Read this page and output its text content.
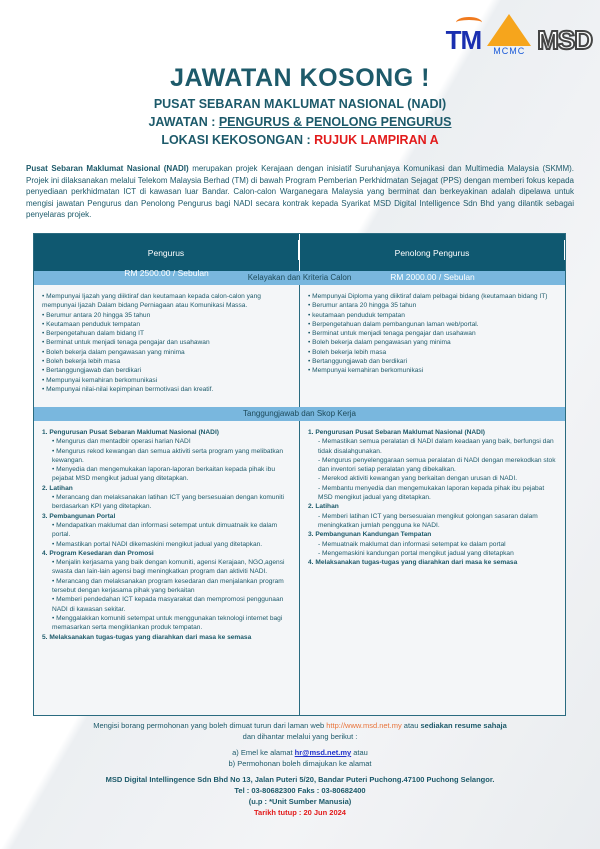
TM MCMC MSD
JAWATAN KOSONG !

PUSAT SEBARAN MAKLUMAT NASIONAL (NADI)

JAWATAN : PENGURUS & PENOLONG PENGURUS

LOKASI KEKOSONGAN : RUJUK LAMPIRAN A

Pusat Sebaran Maklumat Nasional (NADI) merupakan projek Kerajaan dengan inisiatif Suruhanjaya Komunikasi dan Multimedia Malaysia (SKMM). Projek ini dilaksanakan melalui Telekom Malaysia Berhad (TM) di bawah Program Pemberian Perkhidmatan Sejagat (PPS) dengan memberi fokus kepada penyediaan perkhidmatan ICT di kawasan luar Bandar. Calon-calon Warganegara Malaysia yang berminat dan berkeyakinan adalah dipelawa untuk mengisi jawatan Pengurus dan Penolong Pengurus bagi NADI secara kontrak kepada Syarikat MSD Digital Intelligence Sdn Bhd yang dilantik sebagai penyelaras projek.
Pengurus
RM 2500.00 / Sebulan
Penolong Pengurus
RM 2000.00 / Sebulan
Kelayakan dan Kriteria Calon
• Mempunyai Ijazah yang diiktiraf dan keutamaan kepada calon-calon yang mempunyai Ijazah Dalam bidang Perniagaan atau Komunikasi Massa.
• Berumur antara 20 hingga 35 tahun
• Keutamaan penduduk tempatan
• Berpengetahuan dalam bidang IT
• Berminat untuk menjadi tenaga pengajar dan usahawan
• Boleh bekerja dalam pengawasan yang minima
• Boleh bekerja lebih masa
• Bertanggungjawab dan berdikari
• Mempunyai kemahiran berkomunikasi
• Mempunyai nilai-nilai kepimpinan bermotivasi dan kreatif.
• Mempunyai Diploma yang diiktiraf dalam pelbagai bidang (keutamaan bidang IT)
• Berumur antara 20 hingga 35 tahun
• keutamaan penduduk tempatan
• Berpengetahuan dalam pembangunan laman web/portal.
• Berminat untuk menjadi tenaga pengajar dan usahawan
• Boleh bekerja dalam pengawasan yang minima
• Boleh bekerja lebih masa
• Bertanggungjawab dan berdikari
• Mempunyai kemahiran berkomunikasi
Tanggungjawab dan Skop Kerja
1. Pengurusan Pusat Sebaran Maklumat Nasional (NADI)
• Mengurus dan mentadbir operasi harian NADI
• Mengurus rekod kewangan dan semua aktiviti serta program yang melibatkan kewangan.
• Menyedia dan mengemukakan laporan-laporan berkaitan kepada pihak ibu pejabat MSD mengikut jadual yang ditetapkan.
2. Latihan
• Merancang dan melaksanakan latihan ICT yang bersesuaian dengan komuniti berdasarkan KPI yang ditetapkan.
3. Pembangunan Portal
• Mendapatkan maklumat dan informasi setempat untuk dimuatnaik ke dalam portal.
• Memastikan portal NADI dikemaskini mengikut jadual yang ditetapkan.
4. Program Kesedaran dan Promosi
• Menjalin kerjasama yang baik dengan komuniti, agensi Kerajaan, NGO,agensi swasta dan lain-lain agensi bagi meningkatkan program dan aktiviti NADI.
• Merancang dan melaksanakan program kesedaran dan menjalankan program tersebut dengan kerjasama pihak yang berkaitan
• Memberi pendedahan ICT kepada masyarakat dan mempromosi penggunaan NADI di kawasan sekitar.
• Menggalakkan komuniti setempat untuk menggunakan teknologi internet bagi memasarkan serta mengiklankan produk tempatan.
5. Melaksanakan tugas-tugas yang diarahkan dari masa ke semasa
1. Pengurusan Pusat Sebaran Maklumat Nasional (NADI)
- Memastikan semua peralatan di NADI dalam keadaan yang baik, berfungsi dan tidak disalahgunakan.
- Mengurus penyelenggaraan semua peralatan di NADI dengan merekodkan stok dan inventori setiap peralatan yang dibekalkan.
- Merekod aktiviti kewangan yang berkaitan dengan urusan di NADI.
- Membantu menyedia dan mengemukakan laporan kepada pihak ibu pejabat MSD mengikut jadual yang ditetapkan.
2. Latihan
- Memberi latihan ICT yang bersesuaian mengikut golongan sasaran dalam meningkatkan jumlah pengguna ke NADI.
3. Pembangunan Kandungan Tempatan
- Memuatnaik maklumat dan informasi setempat ke dalam portal
- Mengemaskini kandungan portal mengikut jadual yang ditetapkan
4. Melaksanakan tugas-tugas yang diarahkan dari masa ke semasa

Mengisi borang permohonan yang boleh dimuat turun dari laman web http://www.msd.net.my atau sediakan resume sahaja dan dihantar melalui yang berikut :

a) Emel ke alamat hr@msd.net.my atau

b) Permohonan boleh dimajukan ke alamat

MSD Digital Intellingence Sdn Bhd No 13, Jalan Puteri 5/20, Bandar Puteri Puchong.47100 Puchong Selangor.

Tel : 03-80682300 Faks : 03-80682400

(u.p : *Unit Sumber Manusia)

Tarikh tutup : 20 Jun 2024
